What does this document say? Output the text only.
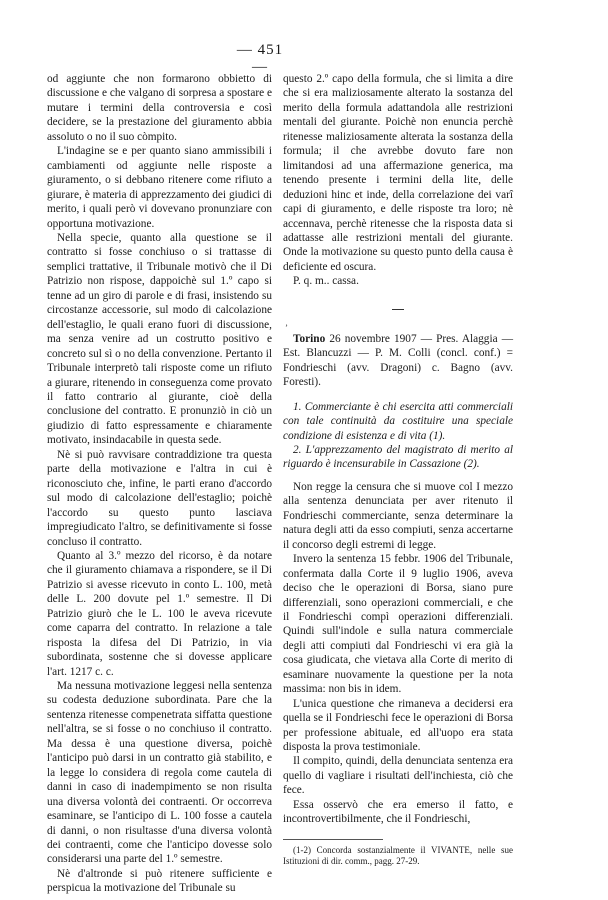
— 451 —

od aggiunte che non formarono obbietto di discussione e che valgano di sorpresa a spostare e mutare i termini della controversia e così decidere, se la prestazione del giuramento abbia assoluto o no il suo còmpito.

L'indagine se e per quanto siano ammissibili i cambiamenti od aggiunte nelle risposte a giuramento, o si debbano ritenere come rifiuto a giurare, è materia di apprezzamento dei giudici di merito, i quali però vi dovevano pronunziare con opportuna motivazione.

Nella specie, quanto alla questione se il contratto si fosse conchiuso o si trattasse di semplici trattative, il Tribunale motivò che il Di Patrizio non rispose, dappoichè sul 1.º capo si tenne ad un giro di parole e di frasi, insistendo su circostanze accessorie, sul modo di calcolazione dell'estaglio, le quali erano fuori di discussione, ma senza venire ad un costrutto positivo e concreto sul sì o no della convenzione. Pertanto il Tribunale interpretò tali risposte come un rifiuto a giurare, ritenendo in conseguenza come provato il fatto contrario al giurante, cioè della conclusione del contratto. E pronunziò in ciò un giudizio di fatto espressamente e chiaramente motivato, insindacabile in questa sede.

Nè si può ravvisare contraddizione tra questa parte della motivazione e l'altra in cui è riconosciuto che, infine, le parti erano d'accordo sul modo di calcolazione dell'estaglio; poichè l'accordo su questo punto lasciava impregiudicato l'altro, se definitivamente si fosse concluso il contratto.

Quanto al 3.º mezzo del ricorso, è da notare che il giuramento chiamava a rispondere, se il Di Patrizio si avesse ricevuto in conto L. 100, metà delle L. 200 dovute pel 1.º semestre. Il Di Patrizio giurò che le L. 100 le aveva ricevute come caparra del contratto. In relazione a tale risposta la difesa del Di Patrizio, in via subordinata, sostenne che si dovesse applicare l'art. 1217 c. c.

Ma nessuna motivazione leggesi nella sentenza su codesta deduzione subordinata. Pare che la sentenza ritenesse compenetrata siffatta questione nell'altra, se si fosse o no conchiuso il contratto. Ma dessa è una questione diversa, poichè l'anticipo può darsi in un contratto già stabilito, e la legge lo considera di regola come cautela di danni in caso di inadempimento se non risulta una diversa volontà dei contraenti. Or occorreva esaminare, se l'anticipo di L. 100 fosse a cautela di danni, o non risultasse d'una diversa volontà dei contraenti, come che l'anticipo dovesse solo considerarsi una parte del 1.º semestre.

Nè d'altronde si può ritenere sufficiente e perspicua la motivazione del Tribunale su

questo 2.º capo della formula, che si limita a dire che si era maliziosamente alterato la sostanza del merito della formula adattandola alle restrizioni mentali del giurante. Poichè non enuncia perchè ritenesse maliziosamente alterata la sostanza della formula; il che avrebbe dovuto fare non limitandosi ad una affermazione generica, ma tenendo presente i termini della lite, delle deduzioni hinc et inde, della correlazione dei varî capi di giuramento, e delle risposte tra loro; nè accennava, perchè ritenesse che la risposta data si adattasse alle restrizioni mentali del giurante. Onde la motivazione su questo punto della causa è deficiente ed oscura.

P. q. m.. cassa.

’

Torino 26 novembre 1907 — Pres. Alaggia — Est. Blancuzzi — P. M. Colli (concl. conf.) = Fondrieschi (avv. Dragoni) c. Bagno (avv. Foresti).

1. Commerciante è chi esercita atti commerciali con tale continuità da costituire una speciale condizione di esistenza e di vita (1).

2. L'apprezzamento del magistrato di merito al riguardo è incensurabile in Cassazione (2).

Non regge la censura che si muove col I mezzo alla sentenza denunciata per aver ritenuto il Fondrieschi commerciante, senza determinare la natura degli atti da esso compiuti, senza accertarne il concorso degli estremi di legge.

Invero la sentenza 15 febbr. 1906 del Tribunale, confermata dalla Corte il 9 luglio 1906, aveva deciso che le operazioni di Borsa, siano pure differenziali, sono operazioni commerciali, e che il Fondrieschi compì operazioni differenziali. Quindi sull'indole e sulla natura commerciale degli atti compiuti dal Fondrieschi vi era già la cosa giudicata, che vietava alla Corte di merito di esaminare nuovamente la questione per la nota massima: non bis in idem.

L'unica questione che rimaneva a decidersi era quella se il Fondrieschi fece le operazioni di Borsa per professione abituale, ed all'uopo era stata disposta la prova testimoniale.

Il compito, quindi, della denunciata sentenza era quello di vagliare i risultati dell'inchiesta, ciò che fece.

Essa osservò che era emerso il fatto, e incontrovertibilmente, che il Fondrieschi,

(1-2) Concorda sostanzialmente il VIVANTE, nelle sue Istituzioni di dir. comm., pagg. 27-29.
